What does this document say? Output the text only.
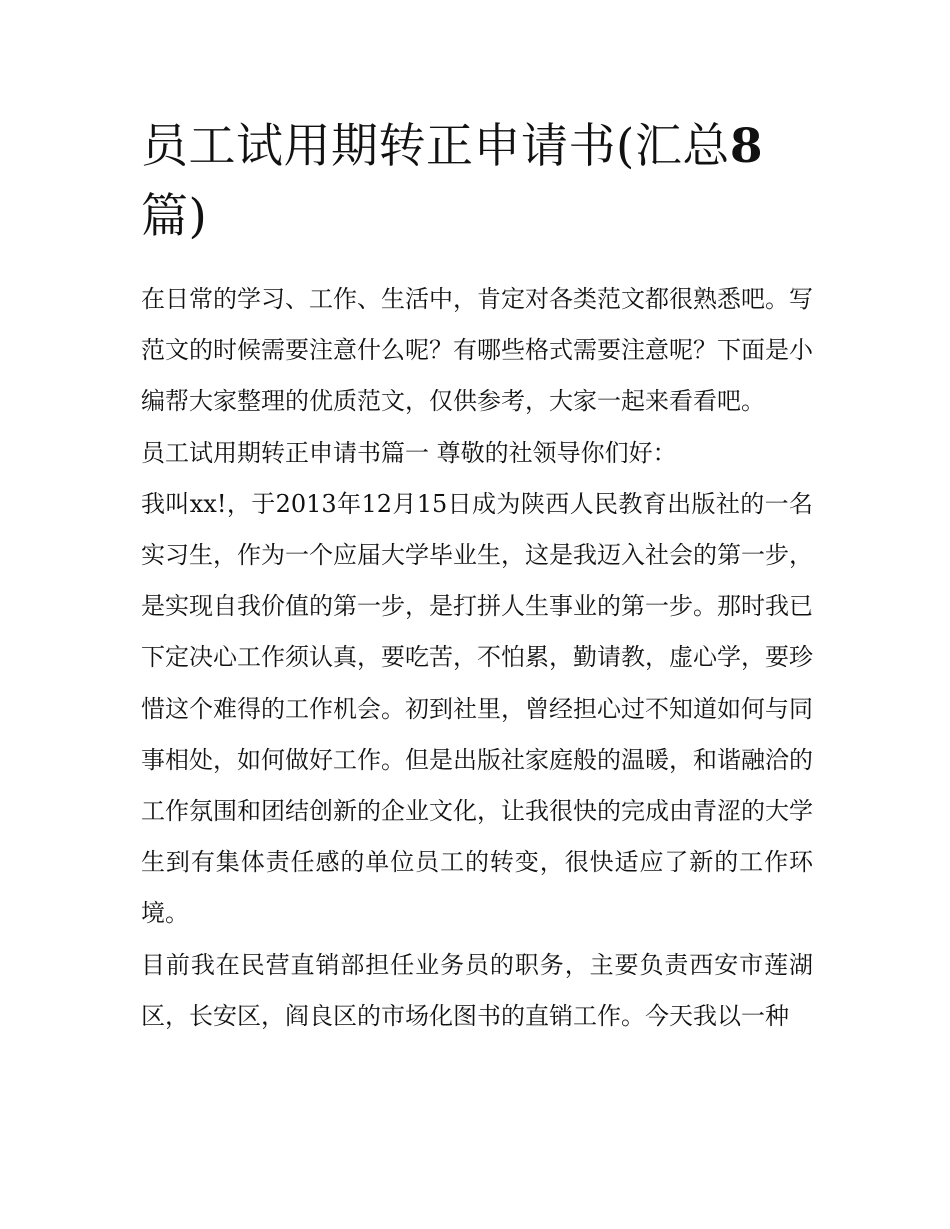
员工试用期转正申请书(汇总8篇)

在日常的学习、工作、生活中，肯定对各类范文都很熟悉吧。写范文的时候需要注意什么呢？有哪些格式需要注意呢？下面是小编帮大家整理的优质范文，仅供参考，大家一起来看看吧。

员工试用期转正申请书篇一 尊敬的社领导你们好：

我叫xx!，于2013年12月15日成为陕西人民教育出版社的一名实习生，作为一个应届大学毕业生，这是我迈入社会的第一步，是实现自我价值的第一步，是打拼人生事业的第一步。那时我已下定决心工作须认真，要吃苦，不怕累，勤请教，虚心学，要珍惜这个难得的工作机会。初到社里，曾经担心过不知道如何与同事相处，如何做好工作。但是出版社家庭般的温暖，和谐融洽的工作氛围和团结创新的企业文化，让我很快的完成由青涩的大学生到有集体责任感的单位员工的转变，很快适应了新的工作环境。

目前我在民营直销部担任业务员的职务，主要负责西安市莲湖区，长安区，阎良区的市场化图书的直销工作。今天我以一种
